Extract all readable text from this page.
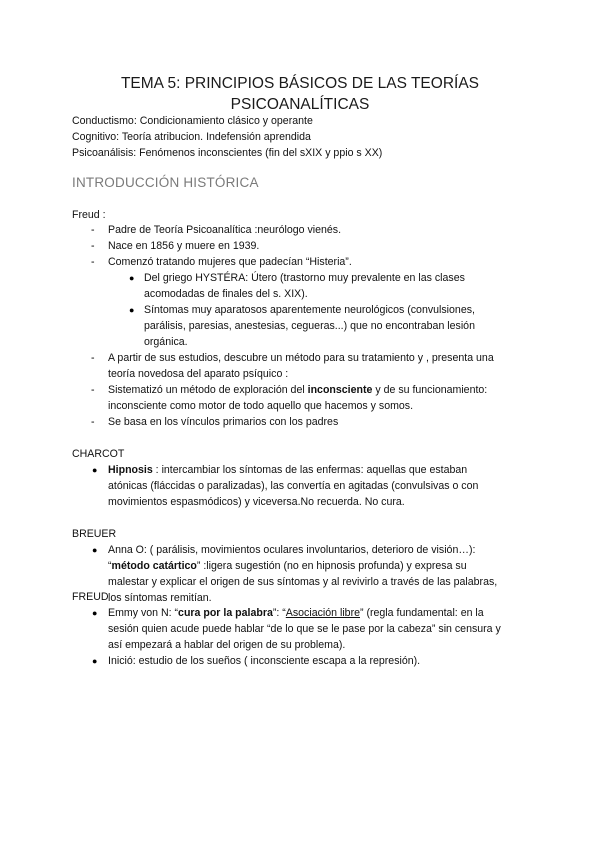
TEMA 5: PRINCIPIOS BÁSICOS DE LAS TEORÍAS
PSICOANALÍTICAS
Conductismo: Condicionamiento clásico y operante
Cognitivo: Teoría atribucion. Indefensión aprendida
Psicoanálisis: Fenómenos inconscientes (fin del sXIX y ppio s XX)
INTRODUCCIÓN HISTÓRICA
Freud :
- Padre de Teoría Psicoanalítica :neurólogo vienés.
- Nace en 1856 y muere en 1939.
- Comenzó tratando mujeres que padecían “Histeria”.
● Del griego HYSTÉRA: Útero (trastorno muy prevalente en las clases
acomodadas de finales del s. XIX).
● Síntomas muy aparatosos aparentemente neurológicos (convulsiones,
parálisis, paresias, anestesias, cegueras...) que no encontraban lesión
orgánica.
- A partir de sus estudios, descubre un método para su tratamiento y , presenta una
teoría novedosa del aparato psíquico :
- Sistematizó un método de exploración del inconsciente y de su funcionamiento:
inconsciente como motor de todo aquello que hacemos y somos.
- Se basa en los vínculos primarios con los padres
CHARCOT
● Hipnosis : intercambiar los síntomas de las enfermas: aquellas que estaban
atónicas (fláccidas o paralizadas), las convertía en agitadas (convulsivas o con
movimientos espasmódicos) y viceversa.No recuerda. No cura.
BREUER
● Anna O: ( parálisis, movimientos oculares involuntarios, deterioro de visión…):
“método catártico” :ligera sugestión (no en hipnosis profunda) y expresa su
malestar y explicar el origen de sus síntomas y al revivirlo a través de las palabras,
los síntomas remitían.
FREUD
● Emmy von N: “cura por la palabra”: “Asociación libre” (regla fundamental: en la
sesión quien acude puede hablar “de lo que se le pase por la cabeza” sin censura y
así empezará a hablar del origen de su problema).
● Inició: estudio de los sueños ( inconsciente escapa a la represión).
